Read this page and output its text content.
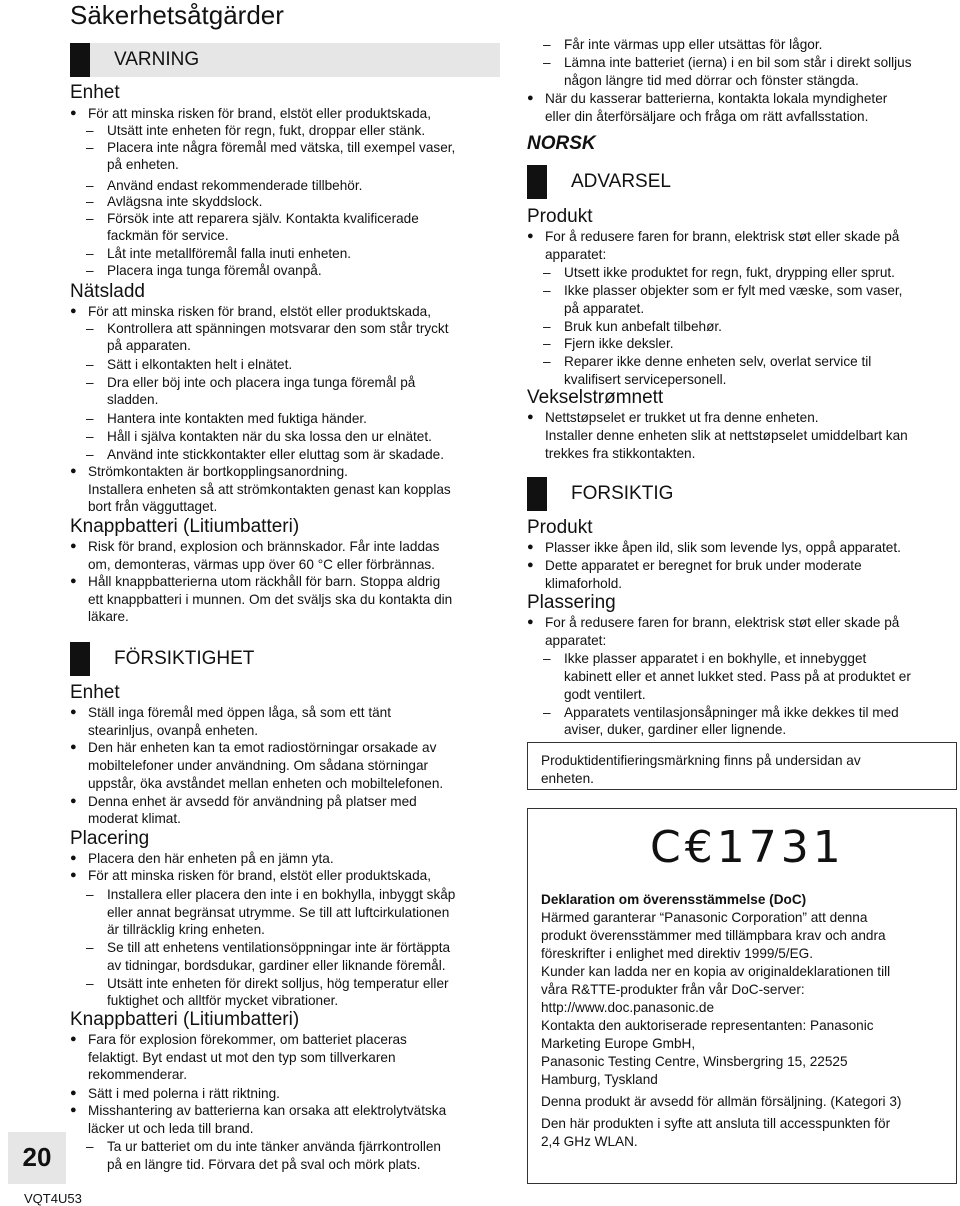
Säkerhetsåtgärder
VARNING
Enhet
● För att minska risken för brand, elstöt eller produktskada,
– Utsätt inte enheten för regn, fukt, droppar eller stänk.
– Placera inte några föremål med vätska, till exempel vaser,
på enheten.
– Använd endast rekommenderade tillbehör.
– Avlägsna inte skyddslock.
– Försök inte att reparera själv. Kontakta kvalificerade
fackmän för service.
– Låt inte metallföremål falla inuti enheten.
– Placera inga tunga föremål ovanpå.
Nätsladd
● För att minska risken för brand, elstöt eller produktskada,
– Kontrollera att spänningen motsvarar den som står tryckt
på apparaten.
– Sätt i elkontakten helt i elnätet.
– Dra eller böj inte och placera inga tunga föremål på
sladden.
– Hantera inte kontakten med fuktiga händer.
– Håll i själva kontakten när du ska lossa den ur elnätet.
– Använd inte stickkontakter eller eluttag som är skadade.
● Strömkontakten är bortkopplingsanordning.
Installera enheten så att strömkontakten genast kan kopplas
bort från vägguttaget.
Knappbatteri (Litiumbatteri)
● Risk för brand, explosion och brännskador. Får inte laddas
om, demonteras, värmas upp över 60 °C eller förbrännas.
● Håll knappbatterierna utom räckhåll för barn. Stoppa aldrig
ett knappbatteri i munnen. Om det sväljs ska du kontakta din
läkare.
FÖRSIKTIGHET
Enhet
● Ställ inga föremål med öppen låga, så som ett tänt
stearinljus, ovanpå enheten.
● Den här enheten kan ta emot radiostörningar orsakade av
mobiltelefoner under användning. Om sådana störningar
uppstår, öka avståndet mellan enheten och mobiltelefonen.
● Denna enhet är avsedd för användning på platser med
moderat klimat.
Placering
● Placera den här enheten på en jämn yta.
● För att minska risken för brand, elstöt eller produktskada,
– Installera eller placera den inte i en bokhylla, inbyggt skåp
eller annat begränsat utrymme. Se till att luftcirkulationen
är tillräcklig kring enheten.
– Se till att enhetens ventilationsöppningar inte är förtäppta
av tidningar, bordsdukar, gardiner eller liknande föremål.
– Utsätt inte enheten för direkt solljus, hög temperatur eller
fuktighet och alltför mycket vibrationer.
Knappbatteri (Litiumbatteri)
● Fara för explosion förekommer, om batteriet placeras
felaktigt. Byt endast ut mot den typ som tillverkaren
rekommenderar.
● Sätt i med polerna i rätt riktning.
● Misshantering av batterierna kan orsaka att elektrolytvätska
läcker ut och leda till brand.
– Ta ur batteriet om du inte tänker använda fjärrkontrollen
på en längre tid. Förvara det på sval och mörk plats.
– Får inte värmas upp eller utsättas för lågor.
– Lämna inte batteriet (ierna) i en bil som står i direkt solljus
någon längre tid med dörrar och fönster stängda.
● När du kasserar batterierna, kontakta lokala myndigheter
eller din återförsäljare och fråga om rätt avfallsstation.
NORSK
ADVARSEL
Produkt
● For å redusere faren for brann, elektrisk støt eller skade på
apparatet:
– Utsett ikke produktet for regn, fukt, drypping eller sprut.
– Ikke plasser objekter som er fylt med væske, som vaser,
på apparatet.
– Bruk kun anbefalt tilbehør.
– Fjern ikke deksler.
– Reparer ikke denne enheten selv, overlat service til
kvalifisert servicepersonell.
Vekselstrømnett
● Nettstøpselet er trukket ut fra denne enheten.
Installer denne enheten slik at nettstøpselet umiddelbart kan
trekkes fra stikkontakten.
FORSIKTIG
Produkt
● Plasser ikke åpen ild, slik som levende lys, oppå apparatet.
● Dette apparatet er beregnet for bruk under moderate
klimaforhold.
Plassering
● For å redusere faren for brann, elektrisk støt eller skade på
apparatet:
– Ikke plasser apparatet i en bokhylle, et innebygget
kabinett eller et annet lukket sted. Pass på at produktet er
godt ventilert.
– Apparatets ventilasjonsåpninger må ikke dekkes til med
aviser, duker, gardiner eller lignende.
Produktidentifieringsmärkning finns på undersidan av
enheten.
C€1731
Deklaration om överensstämmelse (DoC)
Härmed garanterar “Panasonic Corporation” att denna
produkt överensstämmer med tillämpbara krav och andra
föreskrifter i enlighet med direktiv 1999/5/EG.
Kunder kan ladda ner en kopia av originaldeklarationen till
våra R&TTE-produkter från vår DoC-server:
http://www.doc.panasonic.de
Kontakta den auktoriserade representanten: Panasonic
Marketing Europe GmbH,
Panasonic Testing Centre, Winsbergring 15, 22525
Hamburg, Tyskland
Denna produkt är avsedd för allmän försäljning. (Kategori 3)
Den här produkten i syfte att ansluta till accesspunkten för
2,4 GHz WLAN.
20
VQT4U53
